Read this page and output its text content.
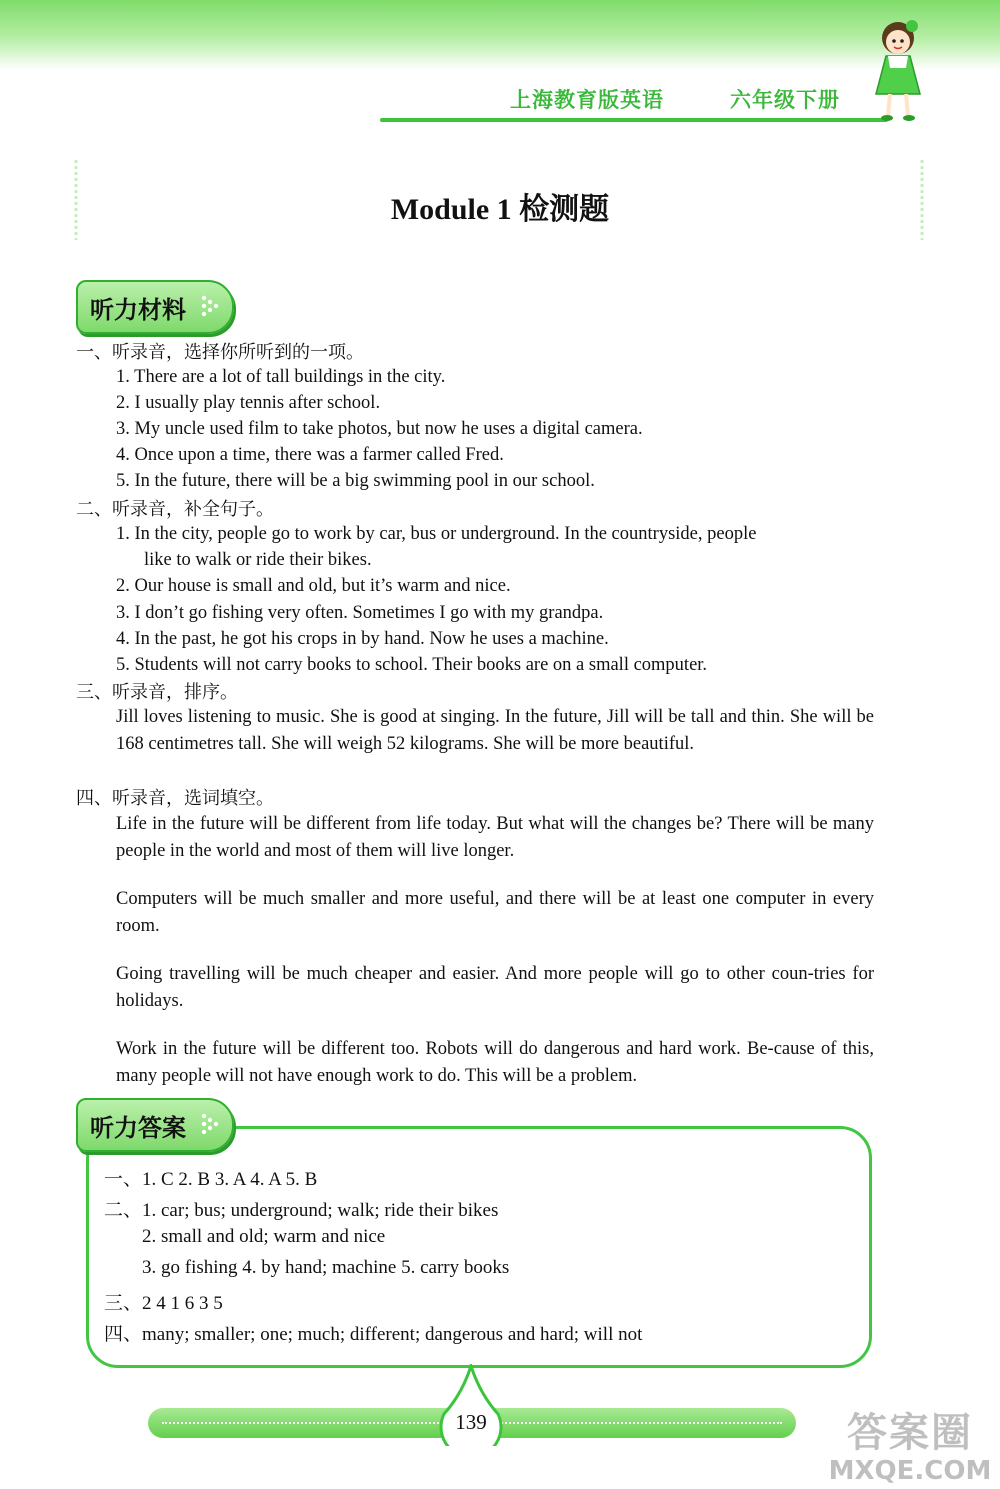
上海教育版英语	六年级下册
Module 1 检测题
听力材料
一、听录音，选择你所听到的一项。
1. There are a lot of tall buildings in the city.
2. I usually play tennis after school.
3. My uncle used film to take photos, but now he uses a digital camera.
4. Once upon a time, there was a farmer called Fred.
5. In the future, there will be a big swimming pool in our school.
二、听录音，补全句子。
1. In the city, people go to work by car, bus or underground. In the countryside, people
like to walk or ride their bikes.
2. Our house is small and old, but it’s warm and nice.
3. I don’t go fishing very often. Sometimes I go with my grandpa.
4. In the past, he got his crops in by hand. Now he uses a machine.
5. Students will not carry books to school. Their books are on a small computer.
三、听录音，排序。
Jill loves listening to music. She is good at singing. In the future, Jill will be tall and thin. She will be 168 centimetres tall. She will weigh 52 kilograms. She will be more beautiful.
四、听录音，选词填空。
Life in the future will be different from life today. But what will the changes be? There will be many people in the world and most of them will live longer.
Computers will be much smaller and more useful, and there will be at least one computer in every room.
Going travelling will be much cheaper and easier. And more people will go to other coun-tries for holidays.
Work in the future will be different too. Robots will do dangerous and hard work. Be-cause of this, many people will not have enough work to do. This will be a problem.
听力答案
一、1. C 2. B 3. A 4. A 5. B
二、1. car; bus; underground; walk; ride their bikes
2. small and old; warm and nice
3. go fishing 4. by hand; machine 5. carry books
三、2 4 1 6 3 5
四、many; smaller; one; much; different; dangerous and hard; will not
139	答案圈
MXQE.COM
